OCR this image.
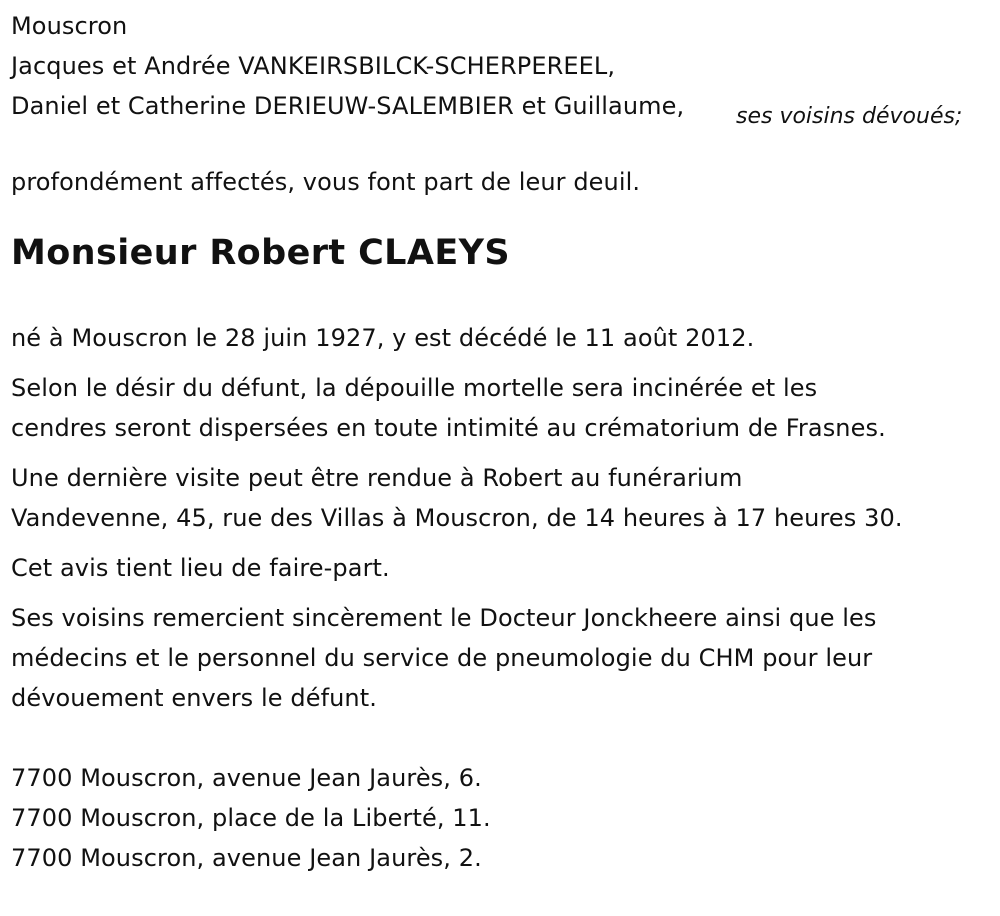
Mouscron
Jacques et Andrée VANKEIRSBILCK-SCHERPEREEL,
Daniel et Catherine DERIEUW-SALEMBIER et Guillaume,
profondément affectés, vous font part de leur deuil.
Monsieur Robert CLAEYS
né à Mouscron le 28 juin 1927, y est décédé le 11 août 2012.
Selon le désir du défunt, la dépouille mortelle sera incinérée et les
cendres seront dispersées en toute intimité au crématorium de Frasnes.
Une dernière visite peut être rendue à Robert au funérarium
Vandevenne, 45, rue des Villas à Mouscron, de 14 heures à 17 heures 30.
Cet avis tient lieu de faire-part.
Ses voisins remercient sincèrement le Docteur Jonckheere ainsi que les
médecins et le personnel du service de pneumologie du CHM pour leur
dévouement envers le défunt.
7700 Mouscron, avenue Jean Jaurès, 6.
7700 Mouscron, place de la Liberté, 11.
7700 Mouscron, avenue Jean Jaurès, 2.
ses voisins dévoués;
